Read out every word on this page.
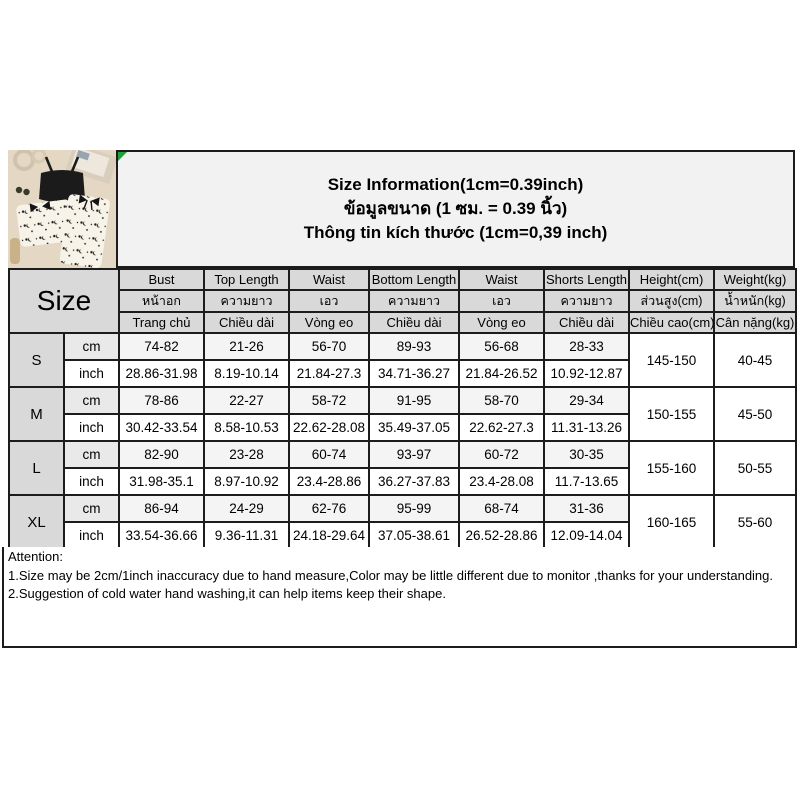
Size Information(1cm=0.39inch)
ข้อมูลขนาด (1 ซม. = 0.39 นิ้ว)
Thông tin kích thước (1cm=0,39 inch)
Size		Bust	Top Length	Waist	Bottom Length	Waist	Shorts Length	Height(cm)	Weight(kg)
		หน้าอก	ความยาว	เอว	ความยาว	เอว	ความยาว	ส่วนสูง(cm)	น้ำหนัก(kg)
		Trang chủ	Chiều dài	Vòng eo	Chiều dài	Vòng eo	Chiều dài	Chiều cao(cm)	Cân nặng(kg)
S	cm	74-82	21-26	56-70	89-93	56-68	28-33	145-150	40-45
	inch	28.86-31.98	8.19-10.14	21.84-27.3	34.71-36.27	21.84-26.52	10.92-12.87		
M	cm	78-86	22-27	58-72	91-95	58-70	29-34	150-155	45-50
	inch	30.42-33.54	8.58-10.53	22.62-28.08	35.49-37.05	22.62-27.3	11.31-13.26		
L	cm	82-90	23-28	60-74	93-97	60-72	30-35	155-160	50-55
	inch	31.98-35.1	8.97-10.92	23.4-28.86	36.27-37.83	23.4-28.08	11.7-13.65		
XL	cm	86-94	24-29	62-76	95-99	68-74	31-36	160-165	55-60
	inch	33.54-36.66	9.36-11.31	24.18-29.64	37.05-38.61	26.52-28.86	12.09-14.04		
Attention:
1.Size may be 2cm/1inch inaccuracy due to hand measure,Color may be little different due to monitor ,thanks for your understanding.
2.Suggestion of cold water hand washing,it can help items keep their shape.
